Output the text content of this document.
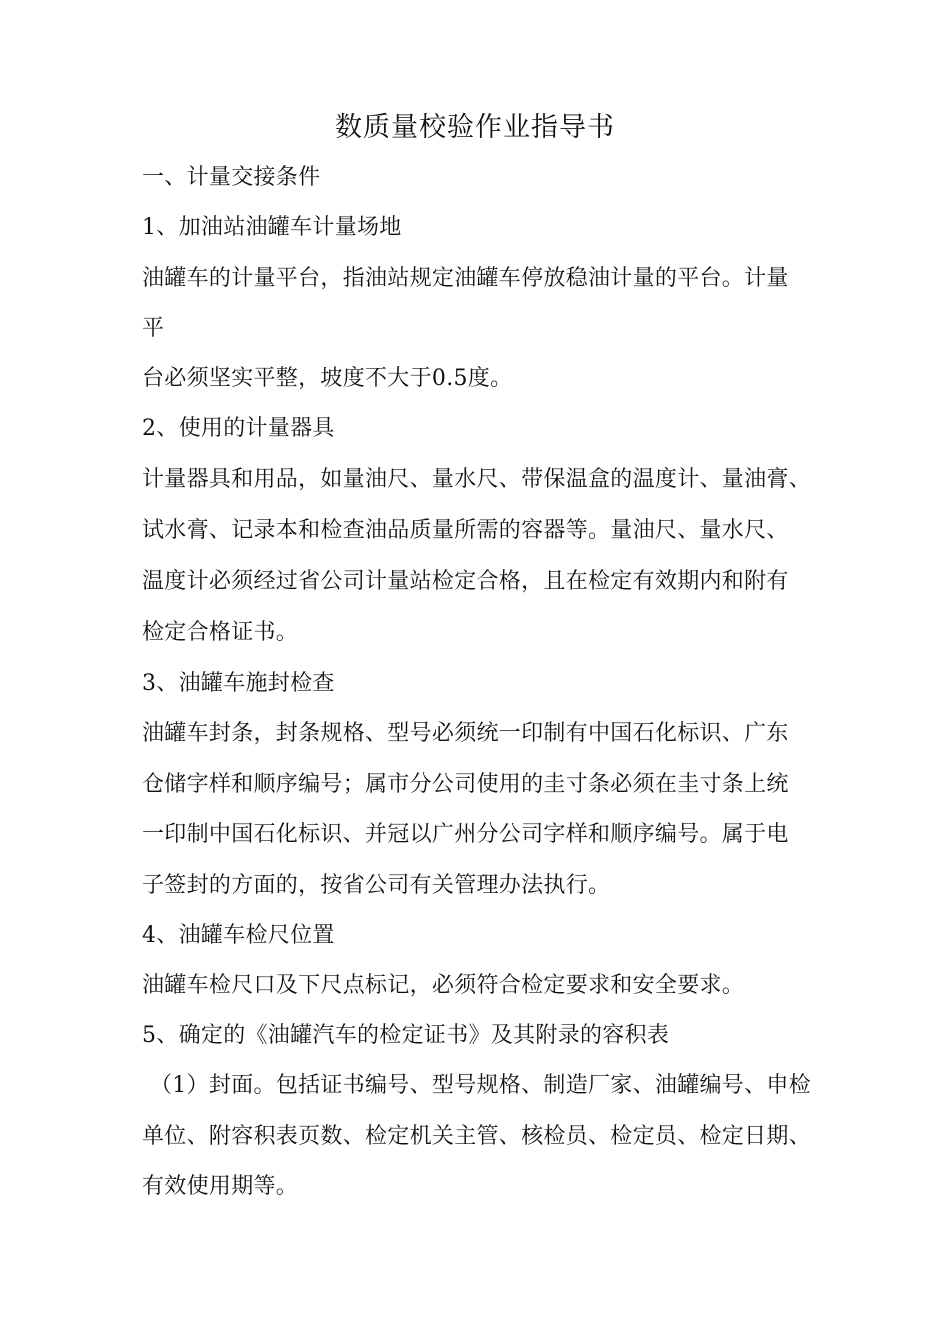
数质量校验作业指导书
一、计量交接条件
1、加油站油罐车计量场地
油罐车的计量平台，指油站规定油罐车停放稳油计量的平台。计量
平
台必须坚实平整，坡度不大于0.5度。
2、使用的计量器具
计量器具和用品，如量油尺、量水尺、带保温盒的温度计、量油膏、
试水膏、记录本和检查油品质量所需的容器等。量油尺、量水尺、
温度计必须经过省公司计量站检定合格，且在检定有效期内和附有
检定合格证书。
3、油罐车施封检查
油罐车封条，封条规格、型号必须统一印制有中国石化标识、广东
仓储字样和顺序编号；属市分公司使用的圭寸条必须在圭寸条上统
一印制中国石化标识、并冠以广州分公司字样和顺序编号。属于电
子签封的方面的，按省公司有关管理办法执行。
4、油罐车检尺位置
油罐车检尺口及下尺点标记，必须符合检定要求和安全要求。
5、确定的《油罐汽车的检定证书》及其附录的容积表
（1）封面。包括证书编号、型号规格、制造厂家、油罐编号、申检
单位、附容积表页数、检定机关主管、核检员、检定员、检定日期、
有效使用期等。
